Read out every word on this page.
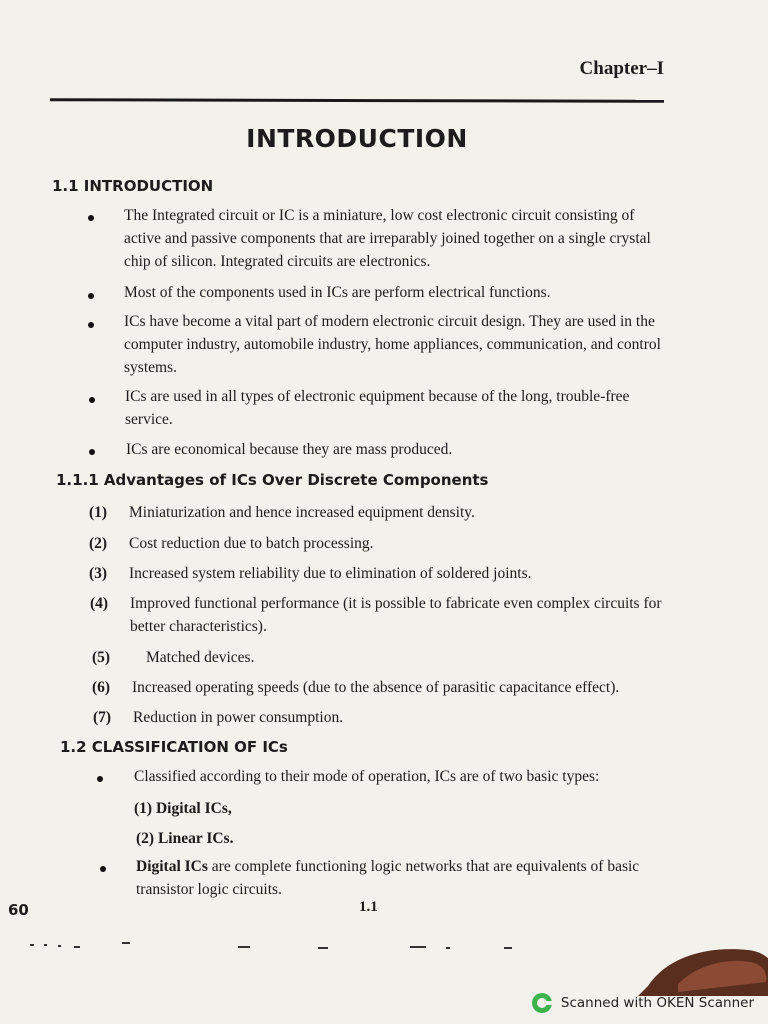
Chapter–I
INTRODUCTION
1.1 INTRODUCTION
The Integrated circuit or IC is a miniature, low cost electronic circuit consisting of active and passive components that are irreparably joined together on a single crystal chip of silicon. Integrated circuits are electronics.
Most of the components used in ICs are perform electrical functions.
ICs have become a vital part of modern electronic circuit design. They are used in the computer industry, automobile industry, home appliances, communication, and control systems.
ICs are used in all types of electronic equipment because of the long, trouble-free service.
ICs are economical because they are mass produced.
1.1.1 Advantages of ICs Over Discrete Components
(1) Miniaturization and hence increased equipment density.
(2) Cost reduction due to batch processing.
(3) Increased system reliability due to elimination of soldered joints.
(4) Improved functional performance (it is possible to fabricate even complex circuits for better characteristics).
(5) Matched devices.
(6) Increased operating speeds (due to the absence of parasitic capacitance effect).
(7) Reduction in power consumption.
1.2 CLASSIFICATION OF ICs
Classified according to their mode of operation, ICs are of two basic types:
(1) Digital ICs,
(2) Linear ICs.
Digital ICs are complete functioning logic networks that are equivalents of basic transistor logic circuits.
60	1.1
Scanned with OKEN Scanner
